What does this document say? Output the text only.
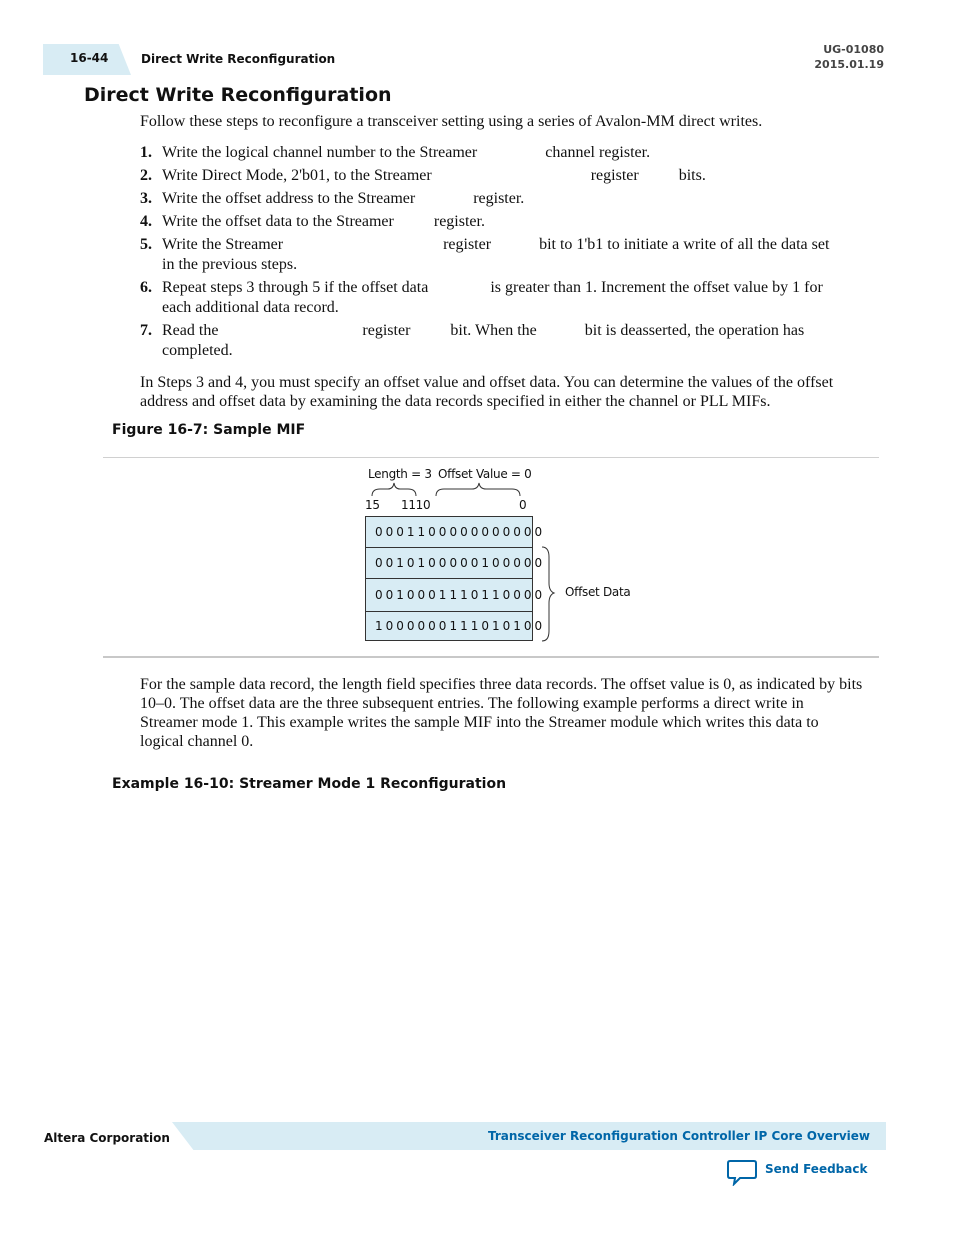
16-44	Direct Write Reconfiguration
UG-01080
2015.01.19
Direct Write Reconfiguration
Follow these steps to reconfigure a transceiver setting using a series of Avalon-MM direct writes.
1. Write the logical channel number to the Streamer	channel register.
2. Write Direct Mode, 2'b01, to the Streamer	register	bits.
3. Write the offset address to the Streamer	register.
4. Write the offset data to the Streamer	register.
5. Write the Streamer	register	bit to 1'b1 to initiate a write of all the data set
in the previous steps.
6. Repeat steps 3 through 5 if the offset data	is greater than 1. Increment the offset value by 1 for
each additional data record.
7. Read the	register	bit. When the	bit is deasserted, the operation has
completed.
In Steps 3 and 4, you must specify an offset value and offset data. You can determine the values of the offset address and offset data by examining the data records specified in either the channel or PLL MIFs.
Figure 16-7: Sample MIF
Length = 3 Offset Value = 0
15 1110	0
0001100000000000
0010100000100000
0010001110110000
1000000111010100
Offset Data
For the sample data record, the length field specifies three data records. The offset value is 0, as indicated by bits 10–0. The offset data are the three subsequent entries. The following example performs a direct write in Streamer mode 1. This example writes the sample MIF into the Streamer module which writes this data to logical channel 0.
Example 16-10: Streamer Mode 1 Reconfiguration
Altera Corporation	Transceiver Reconfiguration Controller IP Core Overview
Send Feedback
